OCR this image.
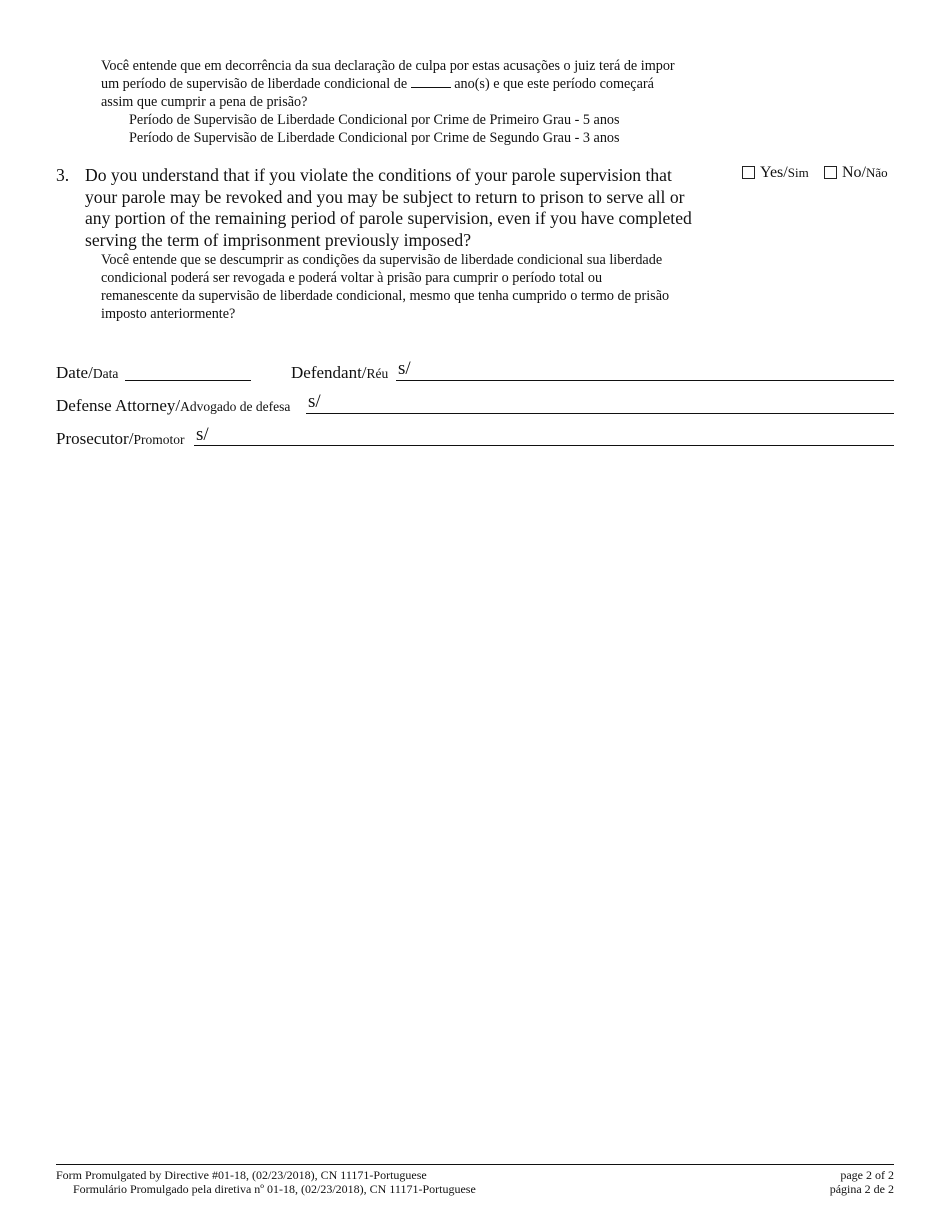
Você entende que em decorrência da sua declaração de culpa por estas acusações o juiz terá de impor
um período de supervisão de liberdade condicional de	ano(s) e que este período começará
assim que cumprir a pena de prisão?
Período de Supervisão de Liberdade Condicional por Crime de Primeiro Grau - 5 anos
Período de Supervisão de Liberdade Condicional por Crime de Segundo Grau - 3 anos
3. Do you understand that if you violate the conditions of your parole supervision that
your parole may be revoked and you may be subject to return to prison to serve all or
any portion of the remaining period of parole supervision, even if you have completed
serving the term of imprisonment previously imposed?
Você entende que se descumprir as condições da supervisão de liberdade condicional sua liberdade
condicional poderá ser revogada e poderá voltar à prisão para cumprir o período total ou
remanescente da supervisão de liberdade condicional, mesmo que tenha cumprido o termo de prisão
imposto anteriormente?
Yes/Sim	No/Não
Date/Data	Defendant/Réu s/
Defense Attorney/Advogado de defesa s/
Prosecutor/Promotor s/
Form Promulgated by Directive #01-18, (02/23/2018), CN 11171-Portuguese
Formulário Promulgado pela diretiva nº 01-18, (02/23/2018), CN 11171-Portuguese
page 2 of 2
página 2 de 2
